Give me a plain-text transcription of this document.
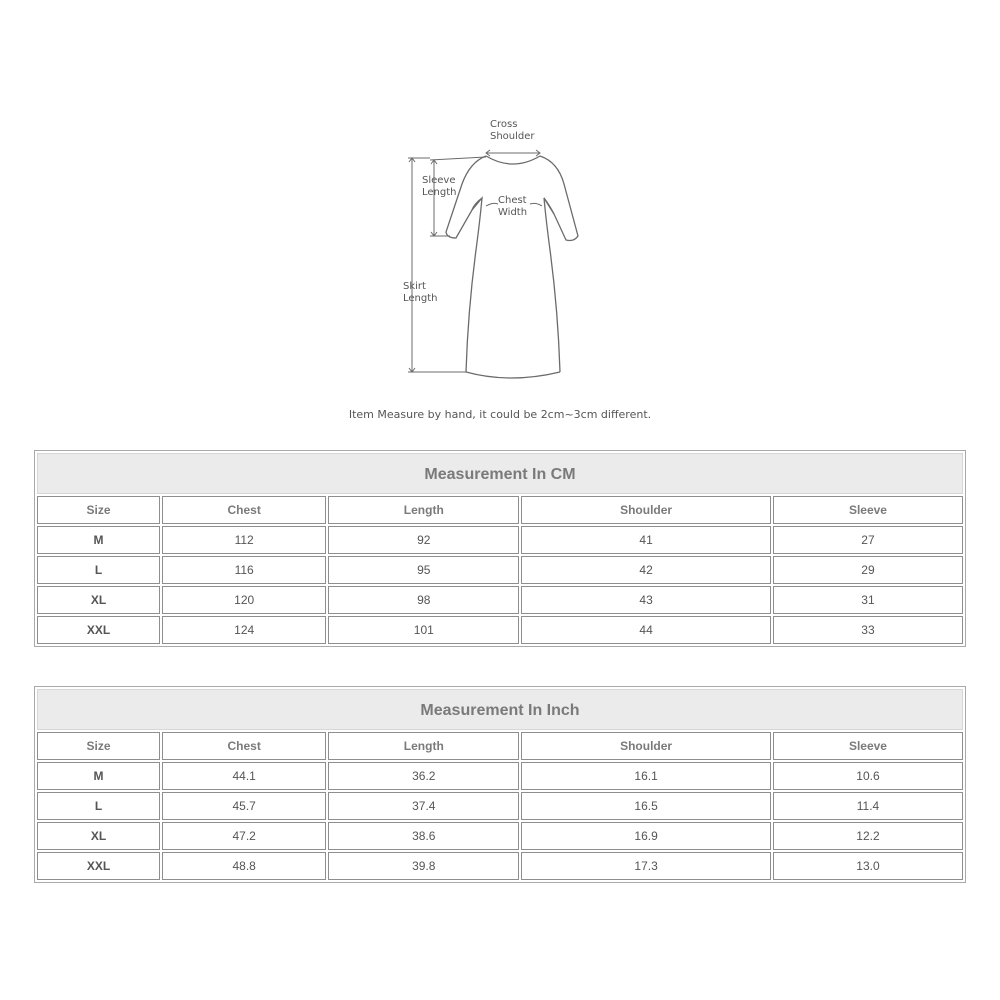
Cross
Shoulder
Sleeve
Length
Chest
Width
Skirt
Length
Item Measure by hand, it could be 2cm~3cm different.
Measurement In CM
Size	Chest	Length	Shoulder	Sleeve
M	112	92	41	27
L	116	95	42	29
XL	120	98	43	31
XXL	124	101	44	33
Measurement In Inch
Size	Chest	Length	Shoulder	Sleeve
M	44.1	36.2	16.1	10.6
L	45.7	37.4	16.5	11.4
XL	47.2	38.6	16.9	12.2
XXL	48.8	39.8	17.3	13.0
